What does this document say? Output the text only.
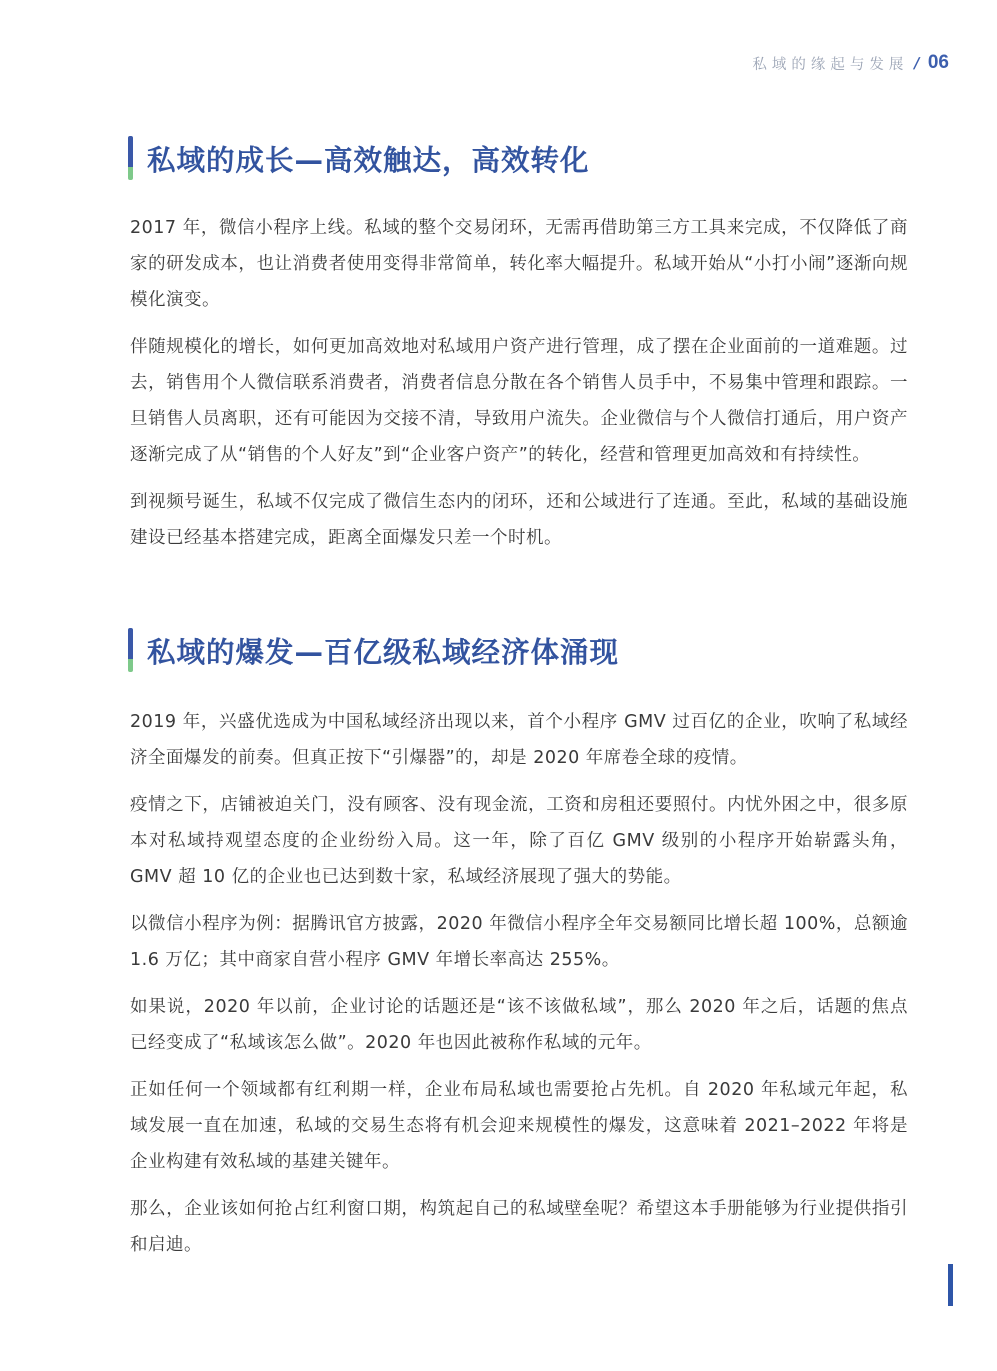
私域的缘起与发展 / 06
私域的成长—高效触达，高效转化

2017 年，微信小程序上线。私域的整个交易闭环，无需再借助第三方工具来完成，不仅降低了商家的研发成本，也让消费者使用变得非常简单，转化率大幅提升。私域开始从“小打小闹”逐渐向规模化演变。

伴随规模化的增长，如何更加高效地对私域用户资产进行管理，成了摆在企业面前的一道难题。过去，销售用个人微信联系消费者，消费者信息分散在各个销售人员手中，不易集中管理和跟踪。一旦销售人员离职，还有可能因为交接不清，导致用户流失。企业微信与个人微信打通后，用户资产逐渐完成了从“销售的个人好友”到“企业客户资产”的转化，经营和管理更加高效和有持续性。

到视频号诞生，私域不仅完成了微信生态内的闭环，还和公域进行了连通。至此，私域的基础设施建设已经基本搭建完成，距离全面爆发只差一个时机。

私域的爆发—百亿级私域经济体涌现

2019 年，兴盛优选成为中国私域经济出现以来，首个小程序 GMV 过百亿的企业，吹响了私域经济全面爆发的前奏。但真正按下“引爆器”的，却是 2020 年席卷全球的疫情。

疫情之下，店铺被迫关门，没有顾客、没有现金流，工资和房租还要照付。内忧外困之中，很多原本对私域持观望态度的企业纷纷入局。这一年，除了百亿 GMV 级别的小程序开始崭露头角，GMV 超 10 亿的企业也已达到数十家，私域经济展现了强大的势能。

以微信小程序为例：据腾讯官方披露，2020 年微信小程序全年交易额同比增长超 100%，总额逾 1.6 万亿；其中商家自营小程序 GMV 年增长率高达 255%。

如果说，2020 年以前，企业讨论的话题还是“该不该做私域”，那么 2020 年之后，话题的焦点已经变成了“私域该怎么做”。2020 年也因此被称作私域的元年。

正如任何一个领域都有红利期一样，企业布局私域也需要抢占先机。自 2020 年私域元年起，私域发展一直在加速，私域的交易生态将有机会迎来规模性的爆发，这意味着 2021–2022 年将是企业构建有效私域的基建关键年。

那么，企业该如何抢占红利窗口期，构筑起自己的私域壁垒呢？希望这本手册能够为行业提供指引和启迪。
